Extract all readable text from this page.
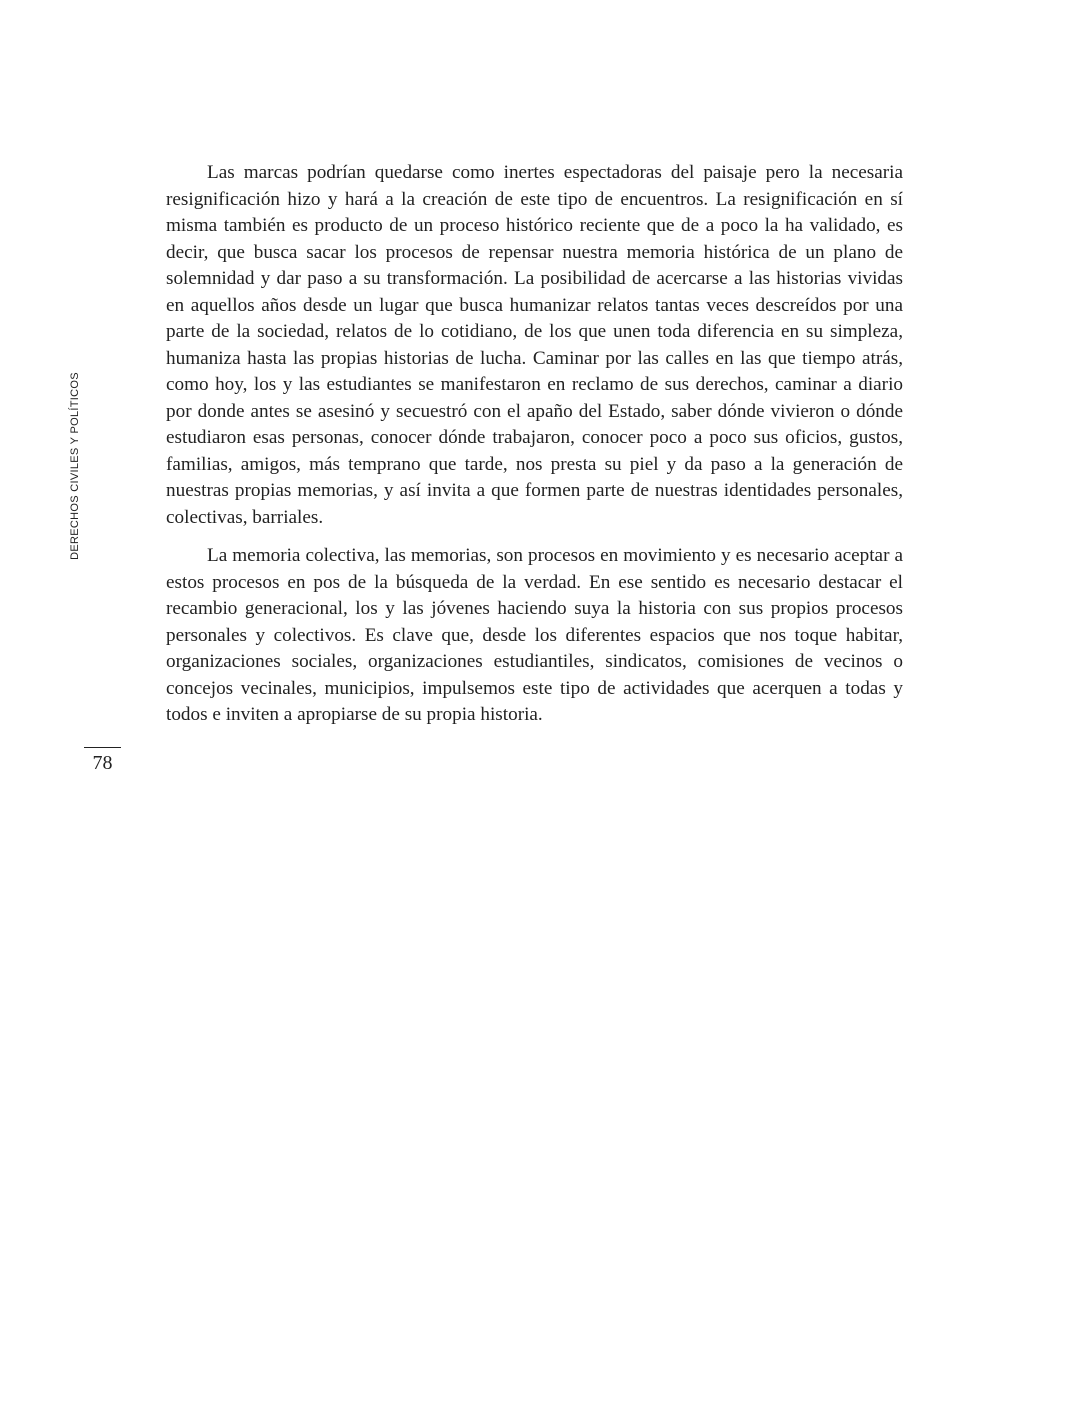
DERECHOS CIVILES Y POLÍTICOS

Las marcas podrían quedarse como inertes espectadoras del paisaje pero la necesaria resignificación hizo y hará a la creación de este tipo de encuentros. La resignificación en sí misma también es producto de un proceso histórico reciente que de a poco la ha validado, es decir, que busca sacar los procesos de repensar nuestra memoria histórica de un plano de solemnidad y dar paso a su transformación. La posibilidad de acercarse a las historias vividas en aquellos años desde un lugar que busca humanizar relatos tantas veces descreídos por una parte de la sociedad, relatos de lo cotidiano, de los que unen toda diferencia en su simpleza, humaniza hasta las propias historias de lucha. Caminar por las calles en las que tiempo atrás, como hoy, los y las estudiantes se manifestaron en reclamo de sus derechos, caminar a diario por donde antes se asesinó y secuestró con el apaño del Estado, saber dónde vivieron o dónde estudiaron esas personas, conocer dónde trabajaron, conocer poco a poco sus oficios, gustos, familias, amigos, más temprano que tarde, nos presta su piel y da paso a la generación de nuestras propias memorias, y así invita a que formen parte de nuestras identidades personales, colectivas, barriales.

La memoria colectiva, las memorias, son procesos en movimiento y es necesario aceptar a estos procesos en pos de la búsqueda de la verdad. En ese sentido es necesario destacar el recambio generacional, los y las jóvenes haciendo suya la historia con sus propios procesos personales y colectivos. Es clave que, desde los diferentes espacios que nos toque habitar, organizaciones sociales, organizaciones estudiantiles, sindicatos, comisiones de vecinos o concejos vecinales, municipios, impulsemos este tipo de actividades que acerquen a todas y todos e inviten a apropiarse de su propia historia.

78
